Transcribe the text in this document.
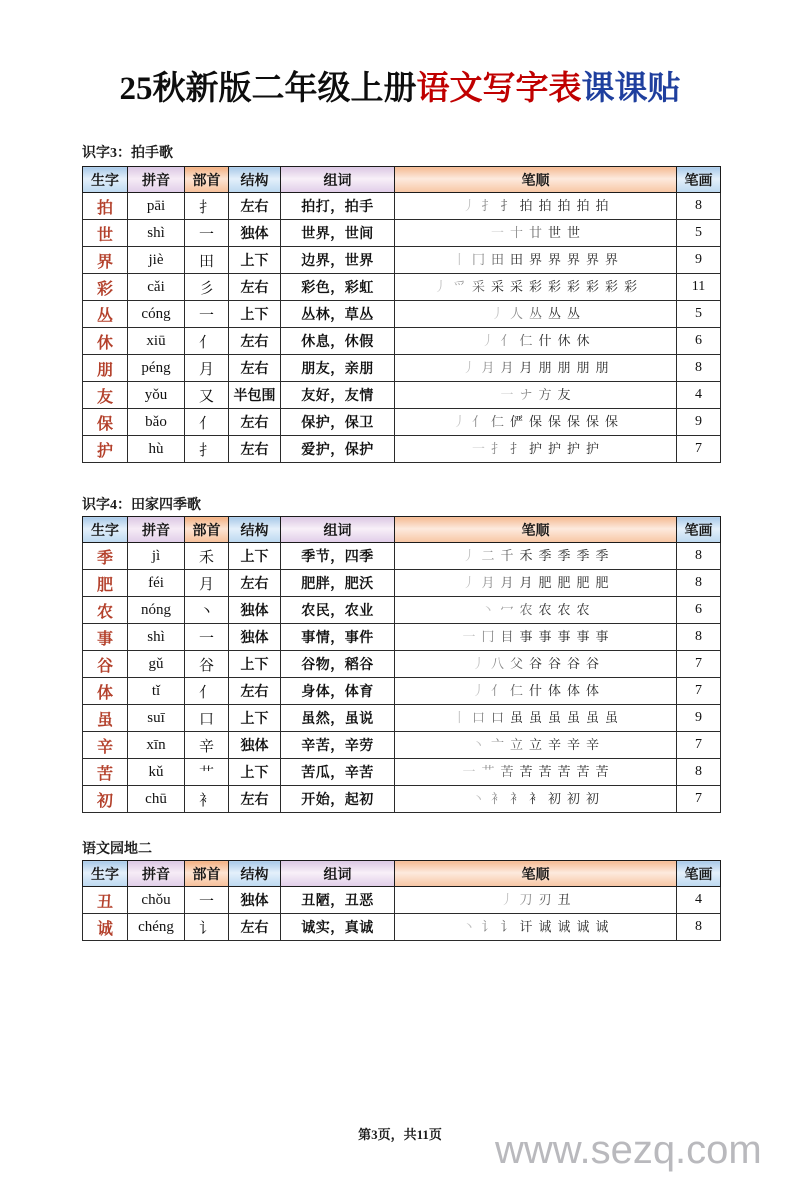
25秋新版二年级上册语文写字表课课贴
识字3：拍手歌
生字	拼音	部首	结构	组词	笔顺	笔画
拍	pāi	扌	左右	拍打，拍手	丿 扌 扌 拍 拍 拍 拍 拍	8
世	shì	一	独体	世界，世间	一 十 廿 世 世	5
界	jiè	田	上下	边界，世界	丨 冂 田 田 界 界 界 界 界	9
彩	cǎi	彡	左右	彩色，彩虹	丿 爫 采 采 采 彩 彩 彩 彩 彩 彩	11
丛	cóng	一	上下	丛林，草丛	丿 人 丛 丛 丛	5
休	xiū	亻	左右	休息，休假	丿 亻 仁 什 休 休	6
朋	péng	月	左右	朋友，亲朋	丿 月 月 月 朋 朋 朋 朋	8
友	yǒu	又	半包围	友好，友情	一 ナ 方 友	4
保	bǎo	亻	左右	保护，保卫	丿 亻 仁 俨 保 保 保 保 保	9
护	hù	扌	左右	爱护，保护	一 扌 扌 护 护 护 护	7
识字4：田家四季歌
生字	拼音	部首	结构	组词	笔顺	笔画
季	jì	禾	上下	季节，四季	丿 二 千 禾 季 季 季 季	8
肥	féi	月	左右	肥胖，肥沃	丿 月 月 月 肥 肥 肥 肥	8
农	nóng	丶	独体	农民，农业	丶 冖 农 农 农 农	6
事	shì	一	独体	事情，事件	一 冂 目 事 事 事 事 事	8
谷	gǔ	谷	上下	谷物，稻谷	丿 八 父 谷 谷 谷 谷	7
体	tǐ	亻	左右	身体，体育	丿 亻 仁 什 体 体 体	7
虽	suī	口	上下	虽然，虽说	丨 口 口 虽 虽 虽 虽 虽 虽	9
辛	xīn	辛	独体	辛苦，辛劳	丶 亠 立 立 辛 辛 辛	7
苦	kǔ	艹	上下	苦瓜，辛苦	一 艹 苦 苦 苦 苦 苦 苦	8
初	chū	衤	左右	开始，起初	丶 衤 衤 衤 初 初 初	7
语文园地二
生字	拼音	部首	结构	组词	笔顺	笔画
丑	chǒu	一	独体	丑陋，丑恶	丿 刀 刃 丑	4
诚	chéng	讠	左右	诚实，真诚	丶 讠 讠 讦 诚 诚 诚 诚	8
第3页，共11页	www.sezq.com
